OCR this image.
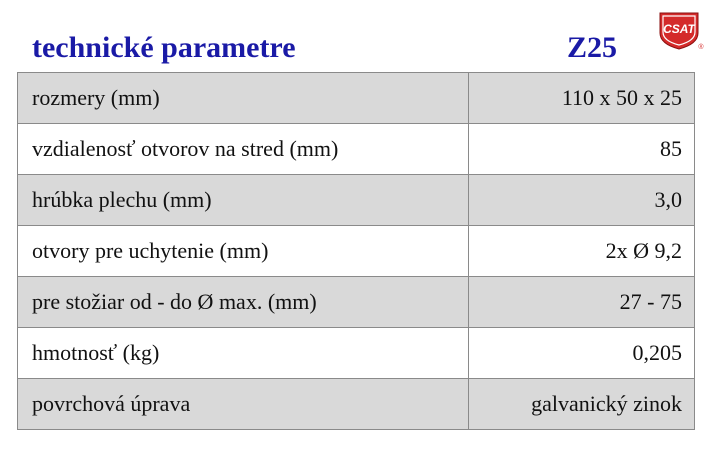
technické parametre	Z25
CSAT
®
rozmery (mm)	110 x 50 x 25
vzdialenosť otvorov na stred (mm)	85
hrúbka plechu (mm)	3,0
otvory pre uchytenie (mm)	2x Ø 9,2
pre stožiar od - do Ø max. (mm)	27 - 75
hmotnosť (kg)	0,205
povrchová úprava	galvanický zinok
